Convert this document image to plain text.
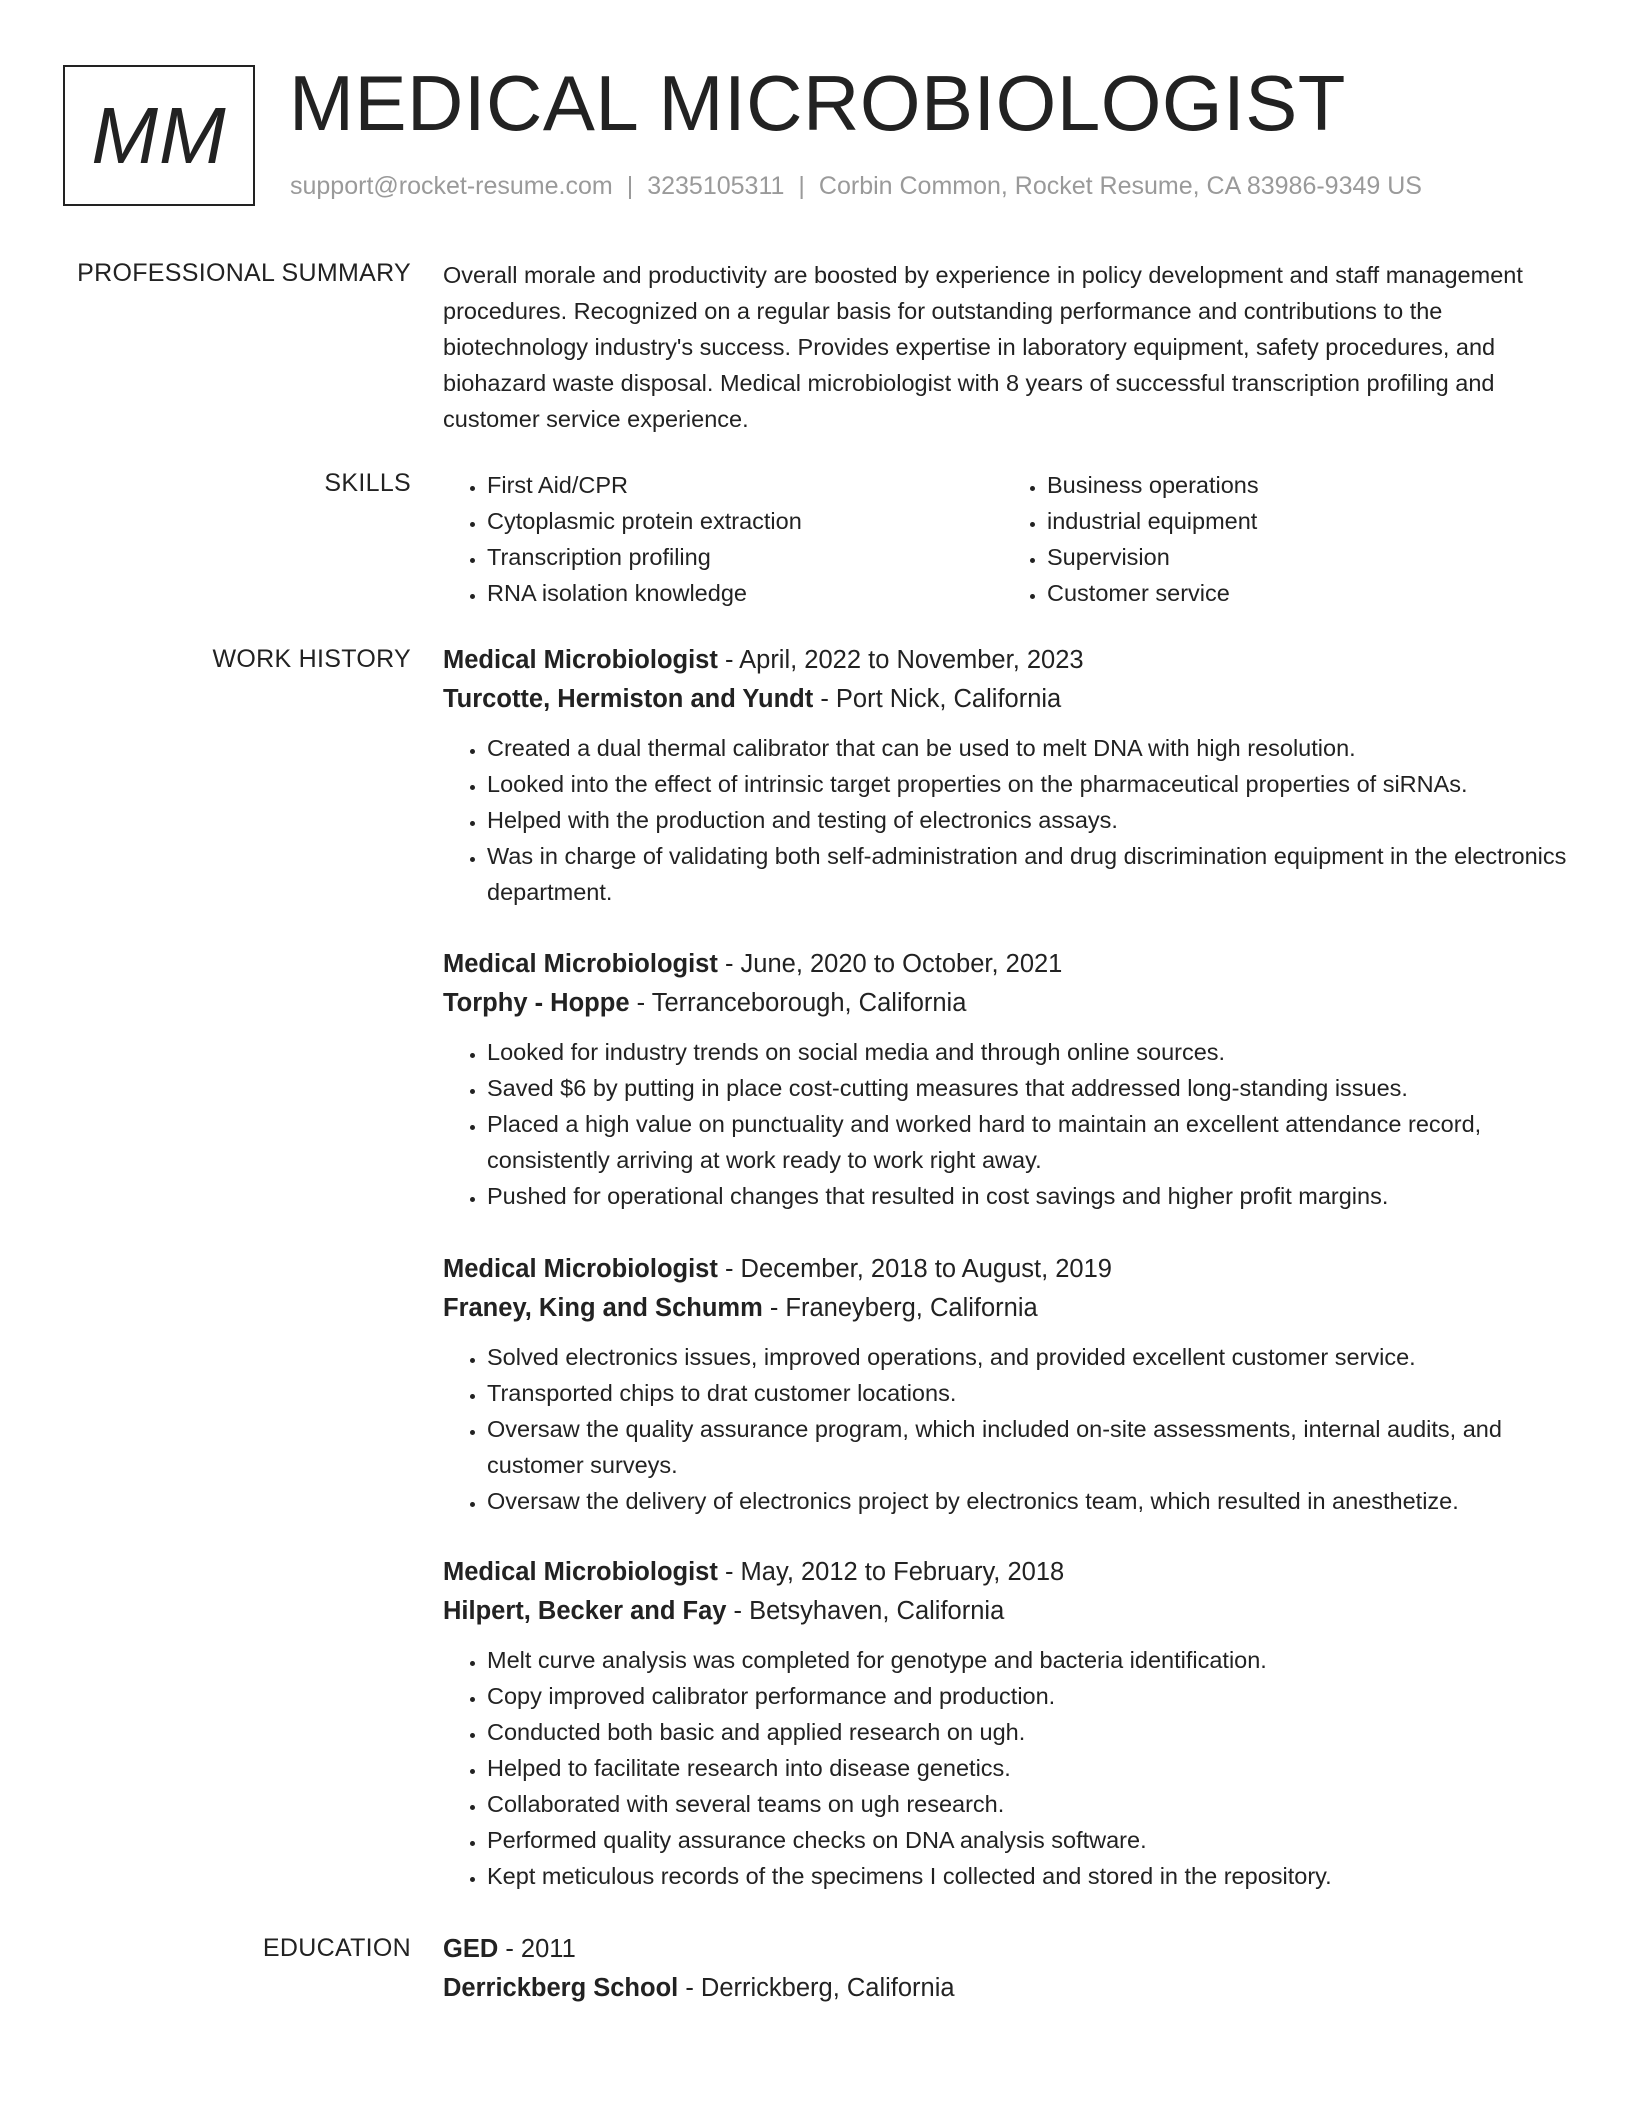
MM MEDICAL MICROBIOLOGIST
support@rocket-resume.com | 3235105311 | Corbin Common, Rocket Resume, CA 83986-9349 US
PROFESSIONAL SUMMARY Overall morale and productivity are boosted by experience in policy development and staff management procedures. Recognized on a regular basis for outstanding performance and contributions to the biotechnology industry's success. Provides expertise in laboratory equipment, safety procedures, and biohazard waste disposal. Medical microbiologist with 8 years of successful transcription profiling and customer service experience.
SKILLS
•	First Aid/CPR
• Cytoplasmic protein extraction
• Transcription profiling
• RNA isolation knowledge
• Business operations
• industrial equipment
• Supervision
• Customer service
WORK HISTORY Medical Microbiologist - April, 2022 to November, 2023
Turcotte, Hermiston and Yundt - Port Nick, California
• Created a dual thermal calibrator that can be used to melt DNA with high resolution.
• Looked into the effect of intrinsic target properties on the pharmaceutical properties of siRNAs.
• Helped with the production and testing of electronics assays.
• Was in charge of validating both self-administration and drug discrimination equipment in the electronics department.
Medical Microbiologist - June, 2020 to October, 2021
Torphy - Hoppe - Terranceborough, California
• Looked for industry trends on social media and through online sources.
• Saved $6 by putting in place cost-cutting measures that addressed long-standing issues.
• Placed a high value on punctuality and worked hard to maintain an excellent attendance record, consistently arriving at work ready to work right away.
• Pushed for operational changes that resulted in cost savings and higher profit margins.
Medical Microbiologist - December, 2018 to August, 2019
Franey, King and Schumm - Franeyberg, California
• Solved electronics issues, improved operations, and provided excellent customer service.
• Transported chips to drat customer locations.
• Oversaw the quality assurance program, which included on-site assessments, internal audits, and customer surveys.
• Oversaw the delivery of electronics project by electronics team, which resulted in anesthetize.
Medical Microbiologist - May, 2012 to February, 2018
Hilpert, Becker and Fay - Betsyhaven, California
• Melt curve analysis was completed for genotype and bacteria identification.
• Copy improved calibrator performance and production.
• Conducted both basic and applied research on ugh.
• Helped to facilitate research into disease genetics.
• Collaborated with several teams on ugh research.
• Performed quality assurance checks on DNA analysis software.
• Kept meticulous records of the specimens I collected and stored in the repository.
EDUCATION GED - 2011
Derrickberg School - Derrickberg, California
